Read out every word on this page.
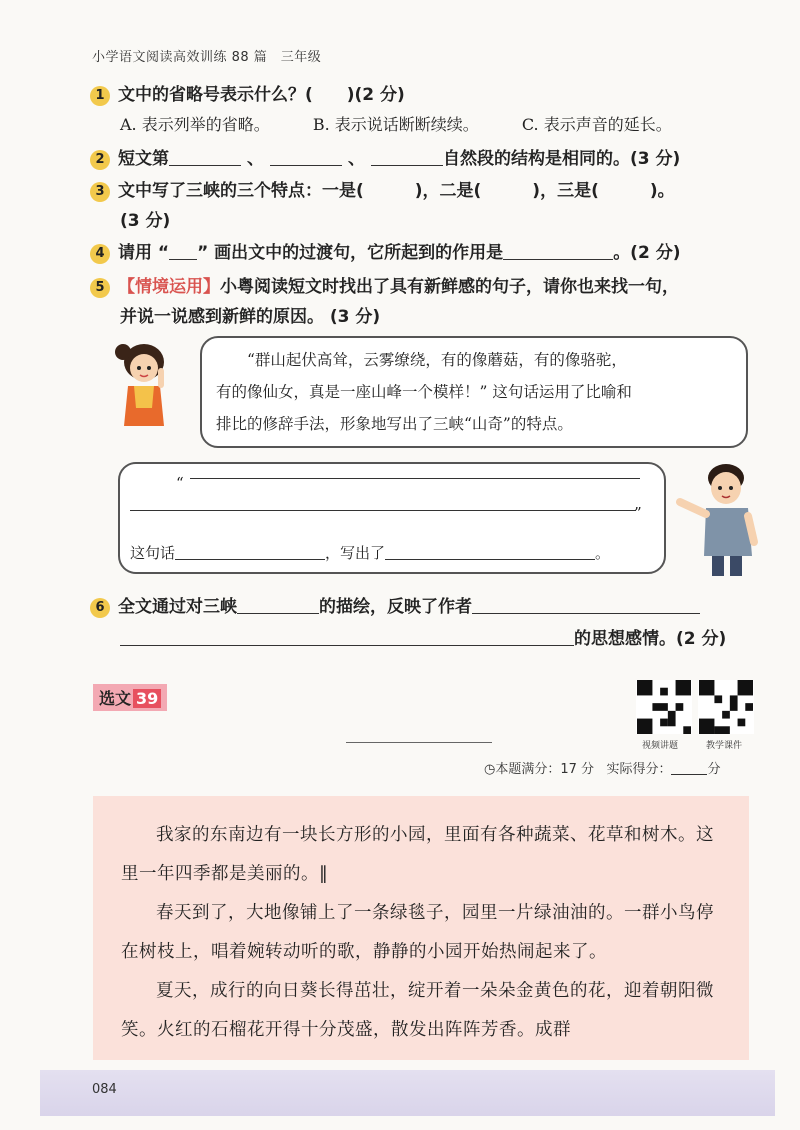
小学语文阅读高效训练 88 篇　三年级
1 文中的省略号表示什么？(　　)(2 分)
A. 表示列举的省略。	B. 表示说话断断续续。	C. 表示声音的延长。
2 短文第	、	、	自然段的结构是相同的。(3 分)
3 文中写了三峡的三个特点：一是(　　　)，二是(　　　)，三是(　　　)。
(3 分)
4 请用 “ ” 画出文中的过渡句，它所起到的作用是	。(2 分)
5 【情境运用】小粤阅读短文时找出了具有新鲜感的句子，请你也来找一句，
并说一说感到新鲜的原因。 (3 分)
“群山起伏高耸，云雾缭绕，有的像蘑菇，有的像骆驼，
有的像仙女，真是一座山峰一个模样！” 这句话运用了比喻和
排比的修辞手法，形象地写出了三峡“山奇”的特点。
“
”
这句话	，写出了	。
6 全文通过对三峡	的描绘，反映了作者
的思想感情。(2 分)
选文 39
视频讲题	教学课件
◷本题满分：17 分 实际得分：	分

我家的东南边有一块长方形的小园，里面有各种蔬菜、花草和树木。这里一年四季都是美丽的。‖

春天到了，大地像铺上了一条绿毯子，园里一片绿油油的。一群小鸟停在树枝上，唱着婉转动听的歌，静静的小园开始热闹起来了。

夏天，成行的向日葵长得茁壮，绽开着一朵朵金黄色的花，迎着朝阳微笑。火红的石榴花开得十分茂盛，散发出阵阵芳香。成群

084
